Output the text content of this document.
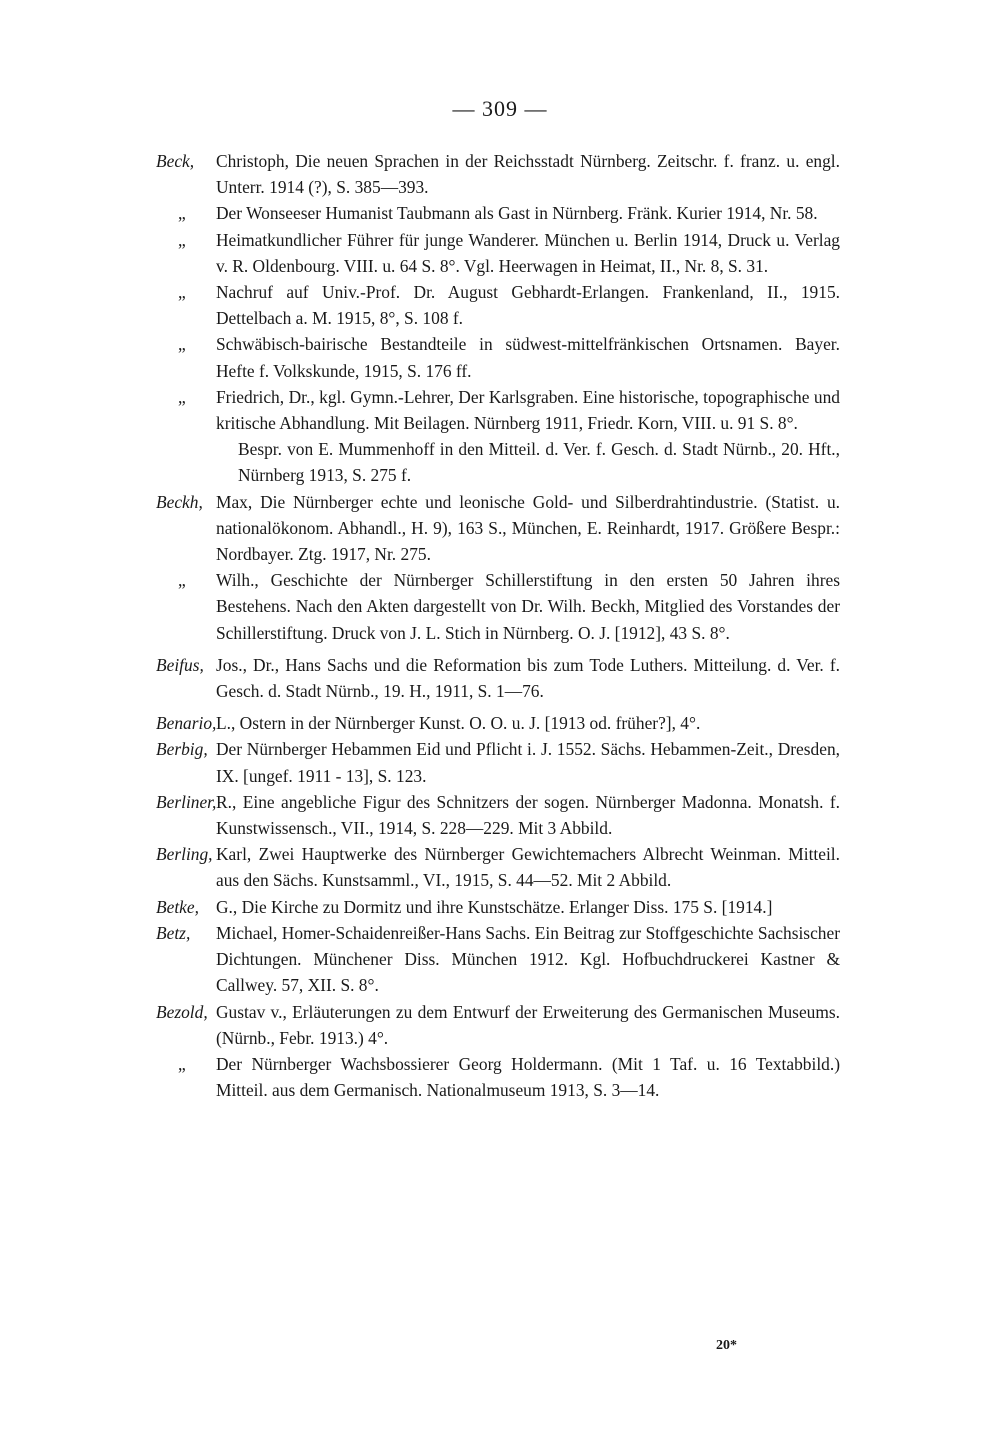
— 309 —
Beck,	Christoph, Die neuen Sprachen in der Reichsstadt Nürnberg. Zeitschr. f. franz. u. engl. Unterr. 1914 (?), S. 385—393.
„ Der Wonseeser Humanist Taubmann als Gast in Nürnberg. Fränk. Kurier 1914, Nr. 58.
„ Heimatkundlicher Führer für junge Wanderer. München u. Berlin 1914, Druck u. Verlag v. R. Oldenbourg. VIII. u. 64 S. 8°. Vgl. Heerwagen in Heimat, II., Nr. 8, S. 31.
„ Nachruf auf Univ.-Prof. Dr. August Gebhardt-Erlangen. Frankenland, II., 1915. Dettelbach a. M. 1915, 8°, S. 108 f.
„ Schwäbisch-bairische Bestandteile in südwest-mittelfränkischen Ortsnamen. Bayer. Hefte f. Volkskunde, 1915, S. 176 ff.
„ Friedrich, Dr., kgl. Gymn.-Lehrer, Der Karlsgraben. Eine historische, topographische und kritische Abhandlung. Mit Beilagen. Nürnberg 1911, Friedr. Korn, VIII. u. 91 S. 8°.
Bespr. von E. Mummenhoff in den Mitteil. d. Ver. f. Gesch. d. Stadt Nürnb., 20. Hft., Nürnberg 1913, S. 275 f.
Beckh, Max, Die Nürnberger echte und leonische Gold- und Silberdrahtindustrie. (Statist. u. nationalökonom. Abhandl., H. 9), 163 S., München, E. Reinhardt, 1917. Größere Bespr.: Nordbayer. Ztg. 1917, Nr. 275.
„ Wilh., Geschichte der Nürnberger Schillerstiftung in den ersten 50 Jahren ihres Bestehens. Nach den Akten dargestellt von Dr. Wilh. Beckh, Mitglied des Vorstandes der Schillerstiftung. Druck von J. L. Stich in Nürnberg. O. J. [1912], 43 S. 8°.
Beifus, Jos., Dr., Hans Sachs und die Reformation bis zum Tode Luthers. Mitteilung. d. Ver. f. Gesch. d. Stadt Nürnb., 19. H., 1911, S. 1—76.
Benario, L., Ostern in der Nürnberger Kunst. O. O. u. J. [1913 od. früher?], 4°.
Berbig, Der Nürnberger Hebammen Eid und Pflicht i. J. 1552. Sächs. Hebammen-Zeit., Dresden, IX. [ungef. 1911 - 13], S. 123.
Berliner, R., Eine angebliche Figur des Schnitzers der sogen. Nürnberger Madonna. Monatsh. f. Kunstwissensch., VII., 1914, S. 228—229. Mit 3 Abbild.
Berling, Karl, Zwei Hauptwerke des Nürnberger Gewichtemachers Albrecht Weinman. Mitteil. aus den Sächs. Kunstsamml., VI., 1915, S. 44—52. Mit 2 Abbild.
Betke, G., Die Kirche zu Dormitz und ihre Kunstschätze. Erlanger Diss. 175 S. [1914.]
Betz,	Michael, Homer-Schaidenreißer-Hans Sachs. Ein Beitrag zur Stoffgeschichte Sachsischer Dichtungen. Münchener Diss. München 1912. Kgl. Hofbuchdruckerei Kastner & Callwey. 57, XII. S. 8°.
Bezold, Gustav v., Erläuterungen zu dem Entwurf der Erweiterung des Germanischen Museums. (Nürnb., Febr. 1913.) 4°.
„ Der Nürnberger Wachsbossierer Georg Holdermann. (Mit 1 Taf. u. 16 Textabbild.) Mitteil. aus dem Germanisch. Nationalmuseum 1913, S. 3—14.
20*
